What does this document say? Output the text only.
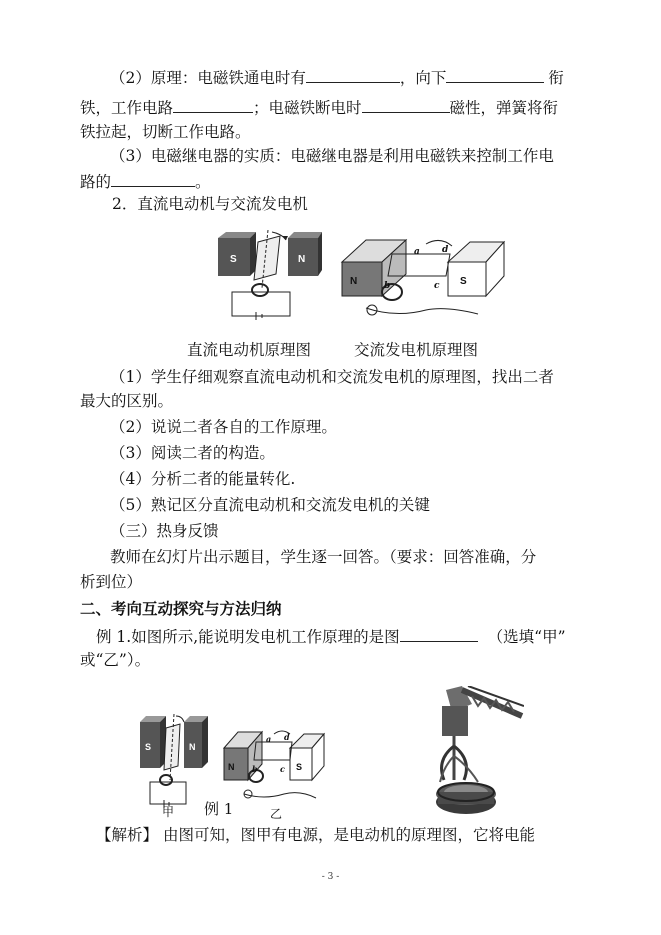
（2）原理：电磁铁通电时有	，向下	衔
铁，工作电路	；电磁铁断电时	磁性，弹簧将衔
铁拉起，切断工作电路。
（3）电磁继电器的实质：电磁继电器是利用电磁铁来控制工作电
路的	。
2．直流电动机与交流发电机
S	N
N	S
a d
b	c
直流电动机原理图	交流发电机原理图
（1）学生仔细观察直流电动机和交流发电机的原理图，找出二者
最大的区别。
（2）说说二者各自的工作原理。
（3）阅读二者的构造。
（4）分析二者的能量转化.
（5）熟记区分直流电动机和交流发电机的关键
（三）热身反馈
教师在幻灯片出示题目，学生逐一回答。（要求：回答准确，分
析到位）
二、考向互动探究与方法归纳
例 1.如图所示,能说明发电机工作原理的是图	（选填“甲”
或“乙”）。
S	N
甲
N	S
a d
b	c
例 1	乙
【解析】 由图可知，图甲有电源，是电动机的原理图，它将电能
- 3 -
